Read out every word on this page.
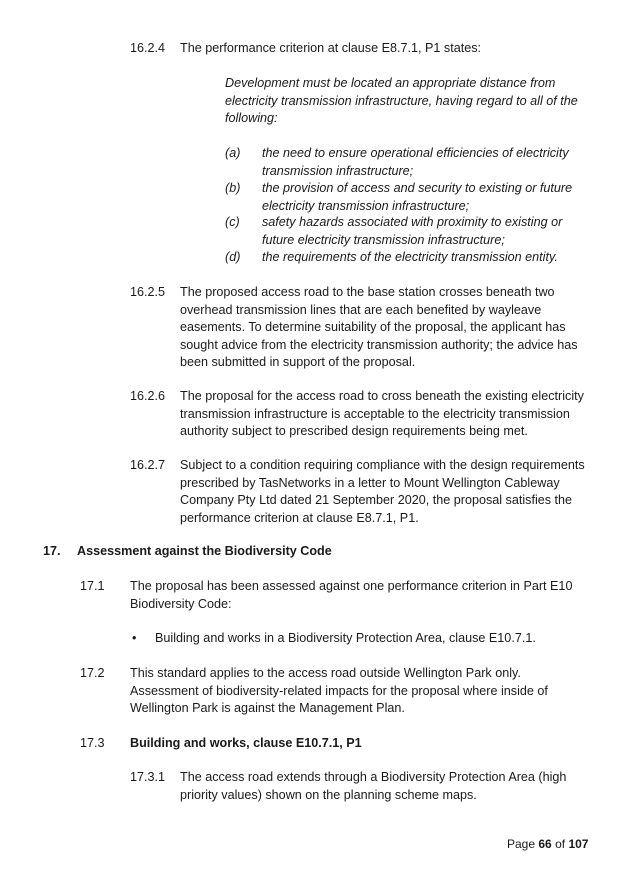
16.2.4 The performance criterion at clause E8.7.1, P1 states:
Development must be located an appropriate distance from
electricity transmission infrastructure, having regard to all of the
following:
(a) the need to ensure operational efficiencies of electricity
transmission infrastructure;
(b) the provision of access and security to existing or future
electricity transmission infrastructure;
(c) safety hazards associated with proximity to existing or
future electricity transmission infrastructure;
(d) the requirements of the electricity transmission entity.
16.2.5 The proposed access road to the base station crosses beneath two
overhead transmission lines that are each benefited by wayleave
easements. To determine suitability of the proposal, the applicant has
sought advice from the electricity transmission authority; the advice has
been submitted in support of the proposal.
16.2.6 The proposal for the access road to cross beneath the existing electricity
transmission infrastructure is acceptable to the electricity transmission
authority subject to prescribed design requirements being met.
16.2.7 Subject to a condition requiring compliance with the design requirements
prescribed by TasNetworks in a letter to Mount Wellington Cableway
Company Pty Ltd dated 21 September 2020, the proposal satisfies the
performance criterion at clause E8.7.1, P1.
17. Assessment against the Biodiversity Code
17.1 The proposal has been assessed against one performance criterion in Part E10
Biodiversity Code:
• Building and works in a Biodiversity Protection Area, clause E10.7.1.
17.2 This standard applies to the access road outside Wellington Park only.
Assessment of biodiversity-related impacts for the proposal where inside of
Wellington Park is against the Management Plan.
17.3 Building and works, clause E10.7.1, P1
17.3.1 The access road extends through a Biodiversity Protection Area (high
priority values) shown on the planning scheme maps.
Page 66 of 107
